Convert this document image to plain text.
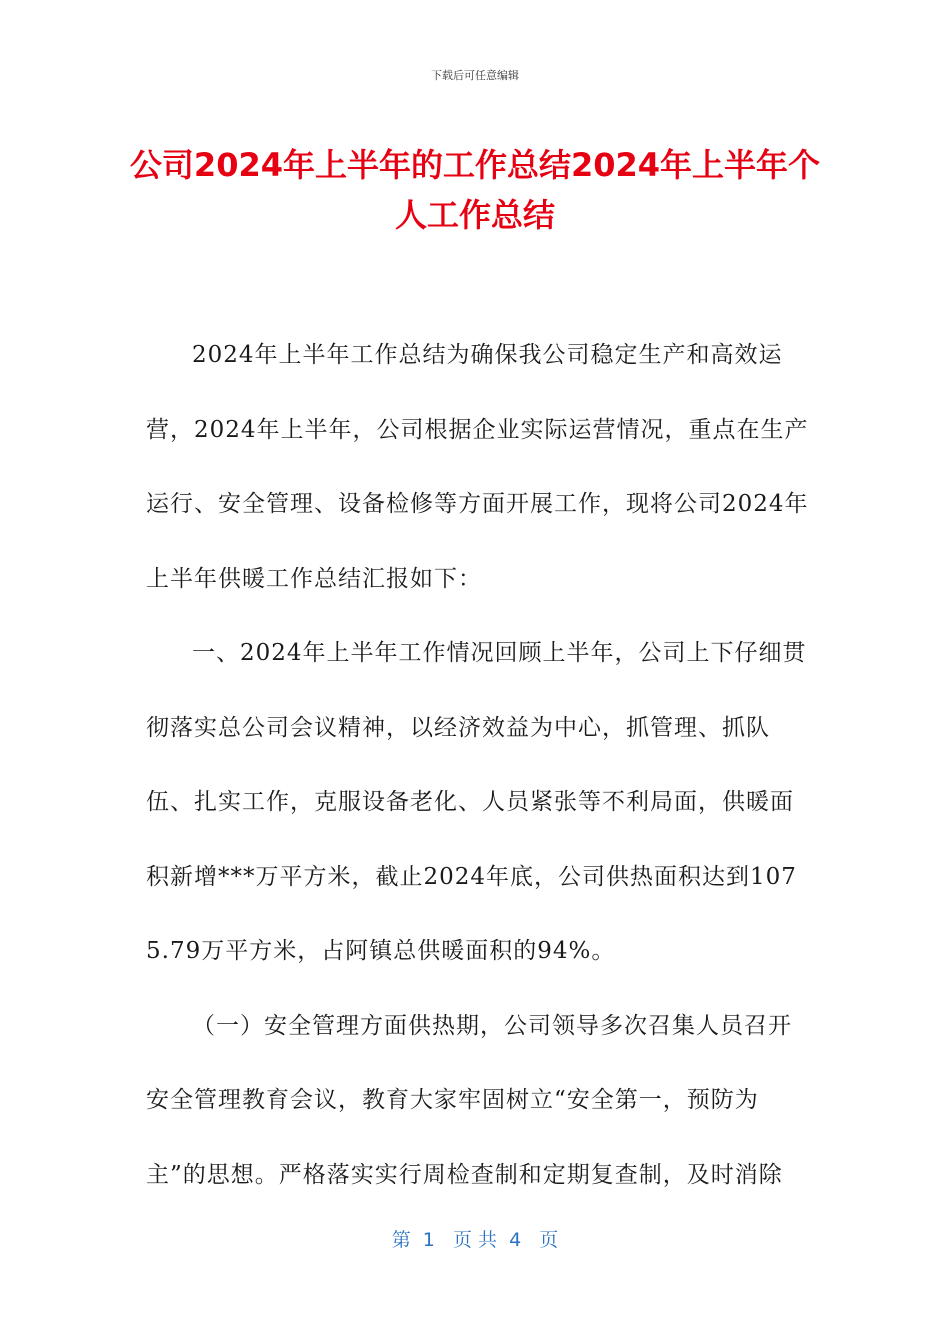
下载后可任意编辑
公司2024年上半年的工作总结2024年上半年个人工作总结

2024年上半年工作总结为确保我公司稳定生产和高效运营，2024年上半年，公司根据企业实际运营情况，重点在生产运行、安全管理、设备检修等方面开展工作，现将公司2024年上半年供暖工作总结汇报如下：

一、2024年上半年工作情况回顾上半年，公司上下仔细贯彻落实总公司会议精神，以经济效益为中心，抓管理、抓队伍、扎实工作，克服设备老化、人员紧张等不利局面，供暖面积新增***万平方米，截止2024年底，公司供热面积达到1075.79万平方米，占阿镇总供暖面积的94%。

（一）安全管理方面供热期，公司领导多次召集人员召开安全管理教育会议，教育大家牢固树立“安全第一，预防为主”的思想。严格落实实行周检查制和定期复查制，及时消除

第  1   页 共  4   页
